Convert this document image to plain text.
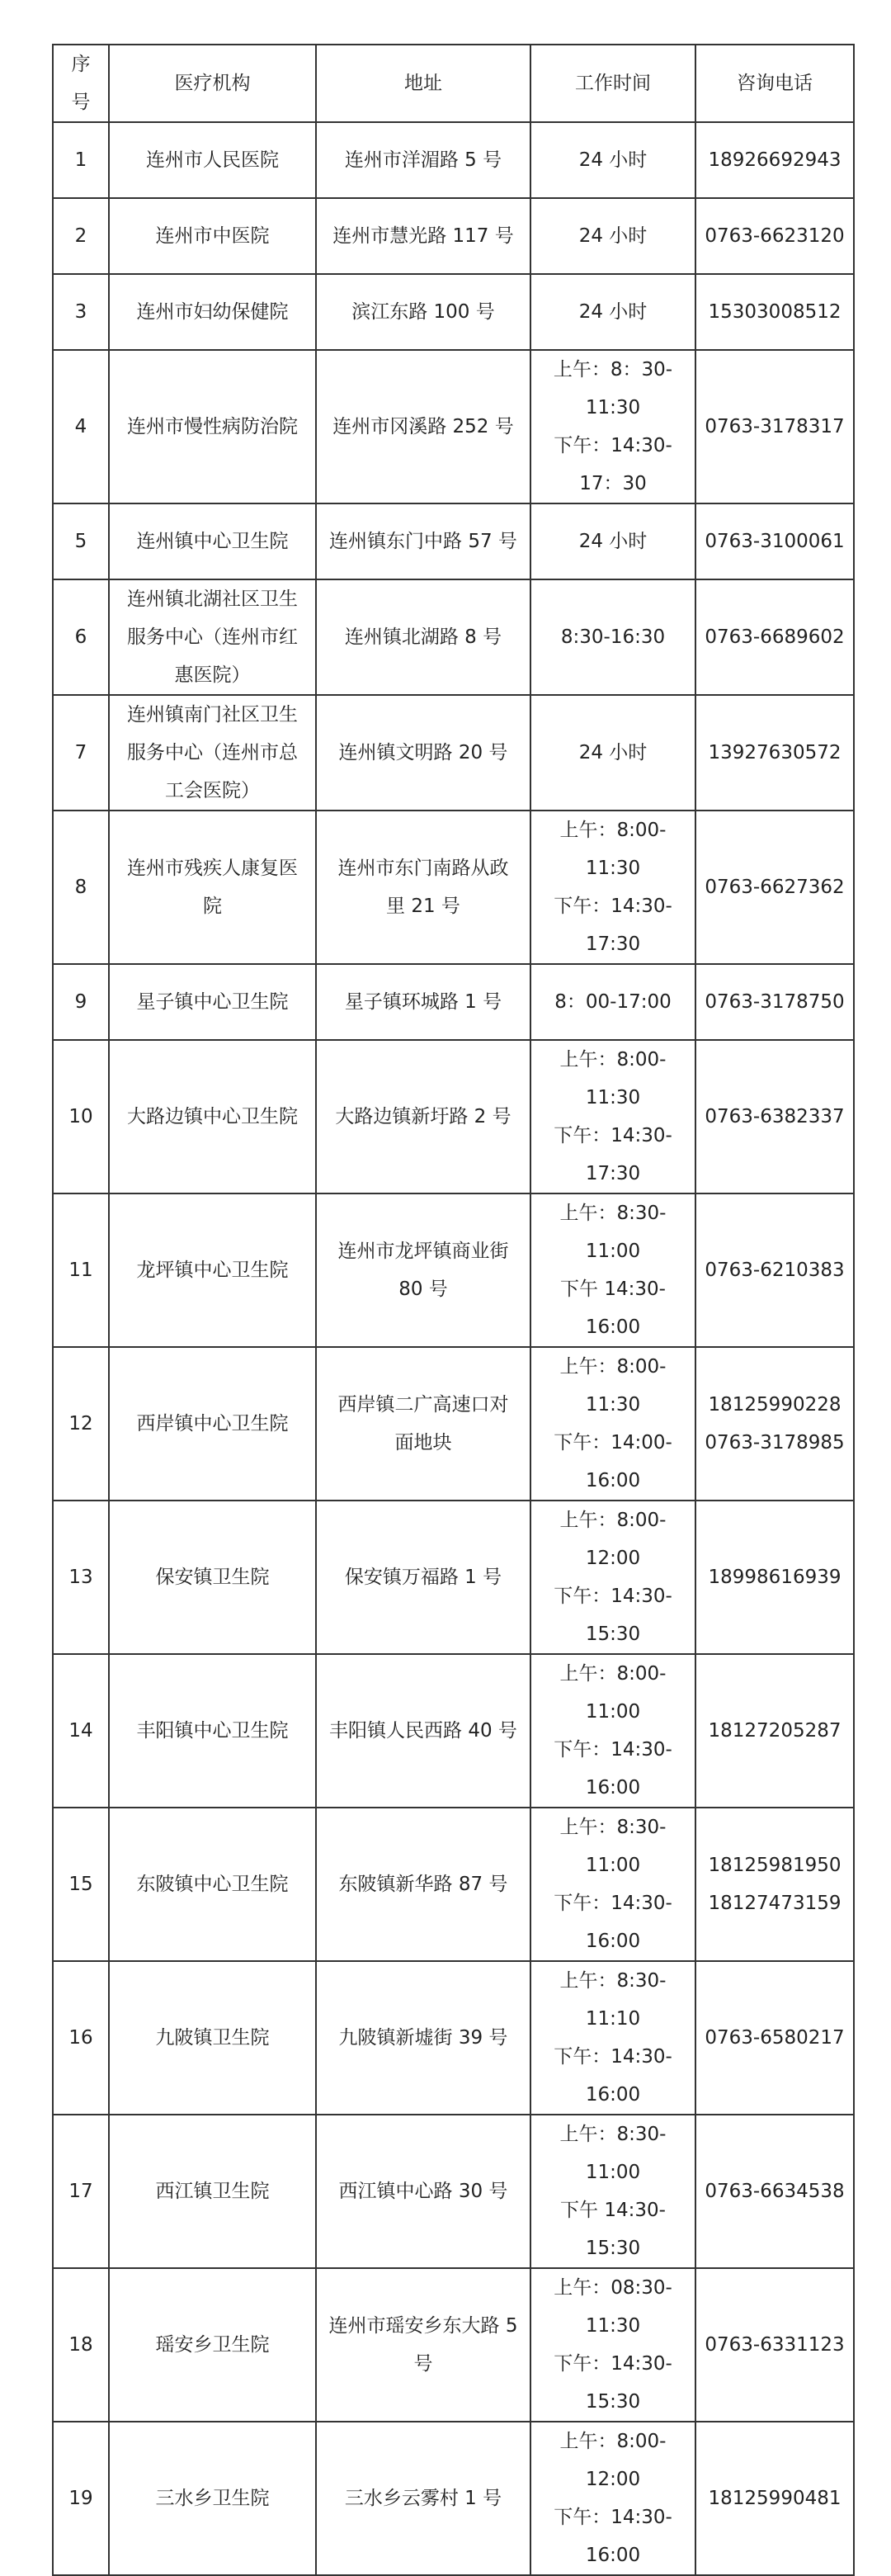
序
号	医疗机构	地址	工作时间	咨询电话
1	连州市人民医院	连州市洋湄路 5 号	24 小时	18926692943
2	连州市中医院	连州市慧光路 117 号	24 小时	0763-6623120
3	连州市妇幼保健院	滨江东路 100 号	24 小时	15303008512
4	连州市慢性病防治院	连州市冈溪路 252 号	上午：8：30-
11:30
下午：14:30-
17：30	0763-3178317
5	连州镇中心卫生院	连州镇东门中路 57 号	24 小时	0763-3100061
6	连州镇北湖社区卫生
服务中心（连州市红
惠医院）	连州镇北湖路 8 号	8:30-16:30	0763-6689602
7	连州镇南门社区卫生
服务中心（连州市总
工会医院）	连州镇文明路 20 号	24 小时	13927630572
8	连州市残疾人康复医
院	连州市东门南路从政
里 21 号	上午：8:00-
11:30
下午：14:30-
17:30	0763-6627362
9	星子镇中心卫生院	星子镇环城路 1 号	8：00-17:00	0763-3178750
10	大路边镇中心卫生院	大路边镇新圩路 2 号	上午：8:00-
11:30
下午：14:30-
17:30	0763-6382337
11	龙坪镇中心卫生院	连州市龙坪镇商业街
80 号	上午：8:30-
11:00
下午 14:30-
16:00	0763-6210383
12	西岸镇中心卫生院	西岸镇二广高速口对
面地块	上午：8:00-
11:30
下午：14:00-
16:00	18125990228
0763-3178985
13	保安镇卫生院	保安镇万福路 1 号	上午：8:00-
12:00
下午：14:30-
15:30	18998616939
14	丰阳镇中心卫生院	丰阳镇人民西路 40 号	上午：8:00-
11:00
下午：14:30-
16:00	18127205287
15	东陂镇中心卫生院	东陂镇新华路 87 号	上午：8:30-
11:00
下午：14:30-
16:00	18125981950
18127473159
16	九陂镇卫生院	九陂镇新墟街 39 号	上午：8:30-
11:10
下午：14:30-
16:00	0763-6580217
17	西江镇卫生院	西江镇中心路 30 号	上午：8:30-
11:00
下午 14:30-
15:30	0763-6634538
18	瑶安乡卫生院	连州市瑶安乡东大路 5
号	上午：08:30-
11:30
下午：14:30-
15:30	0763-6331123
19	三水乡卫生院	三水乡云雾村 1 号	上午：8:00-
12:00
下午：14:30-
16:00	18125990481
